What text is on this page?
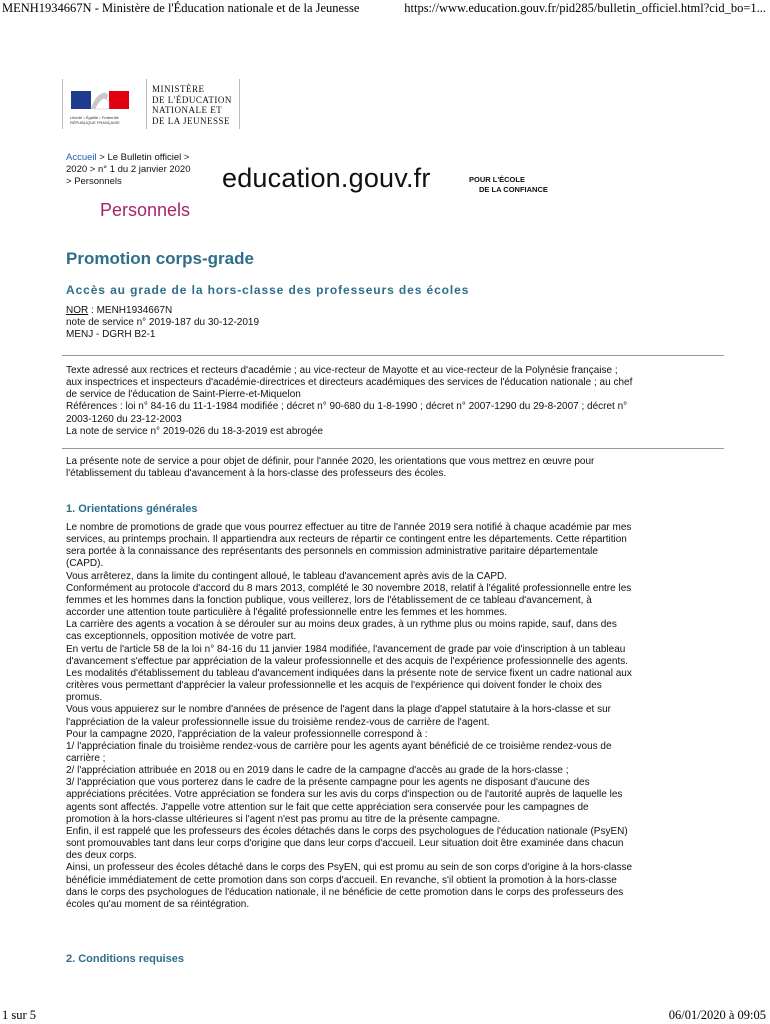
MENH1934667N - Ministère de l'Éducation nationale et de la Jeunesse	https://www.education.gouv.fr/pid285/bulletin_officiel.html?cid_bo=1...
Liberté • Égalité • Fraternité RÉPUBLIQUE FRANÇAISE
MINISTÈRE
DE L'ÉDUCATION
NATIONALE ET
DE LA JEUNESSE
Accueil > Le Bulletin officiel >
2020 > n° 1 du 2 janvier 2020
> Personnels	education.gouv.fr	POUR L'ÉCOLE
DE LA CONFIANCE
Personnels
Promotion corps-grade
Accès au grade de la hors-classe des professeurs des écoles
NOR : MENH1934667N
note de service n° 2019-187 du 30-12-2019
MENJ - DGRH B2-1

Texte adressé aux rectrices et recteurs d'académie ; au vice-recteur de Mayotte et au vice-recteur de la Polynésie française ;

aux inspectrices et inspecteurs d'académie-directrices et directeurs académiques des services de l'éducation nationale ; au chef

de service de l'éducation de Saint-Pierre-et-Miquelon

Références : loi n° 84-16 du 11-1-1984 modifiée ; décret n° 90-680 du 1-8-1990 ; décret n° 2007-1290 du 29-8-2007 ; décret n°

2003-1260 du 23-12-2003

La note de service n° 2019-026 du 18-3-2019 est abrogée

La présente note de service a pour objet de définir, pour l'année 2020, les orientations que vous mettrez en œuvre pour

l'établissement du tableau d'avancement à la hors-classe des professeurs des écoles.

1. Orientations générales

Le nombre de promotions de grade que vous pourrez effectuer au titre de l'année 2019 sera notifié à chaque académie par mes

services, au printemps prochain. Il appartiendra aux recteurs de répartir ce contingent entre les départements. Cette répartition

sera portée à la connaissance des représentants des personnels en commission administrative paritaire départementale

(CAPD).

Vous arrêterez, dans la limite du contingent alloué, le tableau d'avancement après avis de la CAPD.

Conformément au protocole d'accord du 8 mars 2013, complété le 30 novembre 2018, relatif à l'égalité professionnelle entre les

femmes et les hommes dans la fonction publique, vous veillerez, lors de l'établissement de ce tableau d'avancement, à

accorder une attention toute particulière à l'égalité professionnelle entre les femmes et les hommes.

La carrière des agents a vocation à se dérouler sur au moins deux grades, à un rythme plus ou moins rapide, sauf, dans des

cas exceptionnels, opposition motivée de votre part.

En vertu de l'article 58 de la loi n° 84-16 du 11 janvier 1984 modifiée, l'avancement de grade par voie d'inscription à un tableau

d'avancement s'effectue par appréciation de la valeur professionnelle et des acquis de l'expérience professionnelle des agents.

Les modalités d'établissement du tableau d'avancement indiquées dans la présente note de service fixent un cadre national aux

critères vous permettant d'apprécier la valeur professionnelle et les acquis de l'expérience qui doivent fonder le choix des

promus.

Vous vous appuierez sur le nombre d'années de présence de l'agent dans la plage d'appel statutaire à la hors-classe et sur

l'appréciation de la valeur professionnelle issue du troisième rendez-vous de carrière de l'agent.

Pour la campagne 2020, l'appréciation de la valeur professionnelle correspond à :

1/ l'appréciation finale du troisième rendez-vous de carrière pour les agents ayant bénéficié de ce troisième rendez-vous de

carrière ;

2/ l'appréciation attribuée en 2018 ou en 2019 dans le cadre de la campagne d'accès au grade de la hors-classe ;

3/ l'appréciation que vous porterez dans le cadre de la présente campagne pour les agents ne disposant d'aucune des

appréciations précitées. Votre appréciation se fondera sur les avis du corps d'inspection ou de l'autorité auprès de laquelle les

agents sont affectés. J'appelle votre attention sur le fait que cette appréciation sera conservée pour les campagnes de

promotion à la hors-classe ultérieures si l'agent n'est pas promu au titre de la présente campagne.

Enfin, il est rappelé que les professeurs des écoles détachés dans le corps des psychologues de l'éducation nationale (PsyEN)

sont promouvables tant dans leur corps d'origine que dans leur corps d'accueil. Leur situation doit être examinée dans chacun

des deux corps.

Ainsi, un professeur des écoles détaché dans le corps des PsyEN, qui est promu au sein de son corps d'origine à la hors-classe

bénéficie immédiatement de cette promotion dans son corps d'accueil. En revanche, s'il obtient la promotion à la hors-classe

dans le corps des psychologues de l'éducation nationale, il ne bénéficie de cette promotion dans le corps des professeurs des

écoles qu'au moment de sa réintégration.

2. Conditions requises
1 sur 5	06/01/2020 à 09:05
